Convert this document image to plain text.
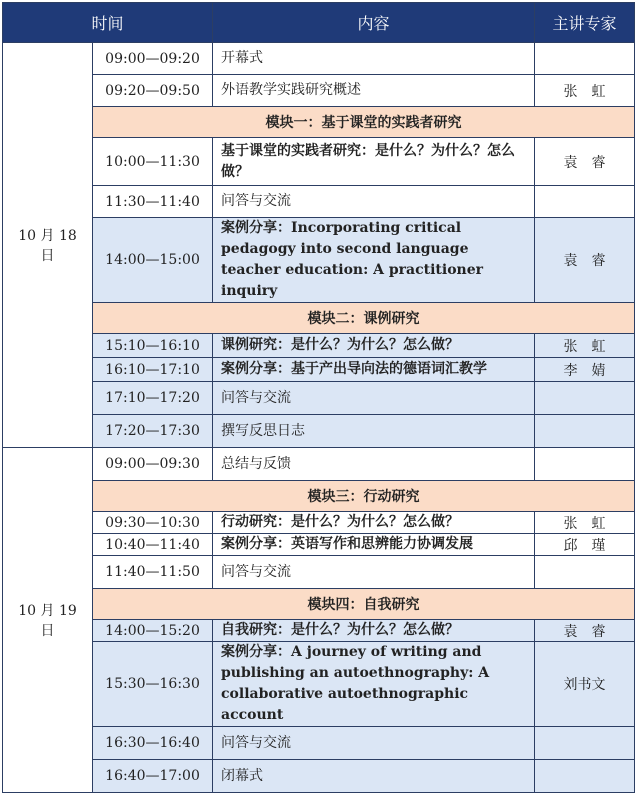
时间		内容	主讲专家
10 月 18 日	09:00—09:20	开幕式	
	09:20—09:50	外语教学实践研究概述	张　虹
	模块一：基于课堂的实践者研究		
	10:00—11:30	基于课堂的实践者研究：是什么？为什么？怎么做？	袁　睿
	11:30—11:40	问答与交流	
	14:00—15:00	案例分享：Incorporating critical pedagogy into second language teacher education: A practitioner inquiry	袁　睿
	模块二：课例研究		
	15:10—16:10	课例研究：是什么？为什么？怎么做？	张　虹
	16:10—17:10	案例分享：基于产出导向法的德语词汇教学	李　婧
	17:10—17:20	问答与交流	
	17:20—17:30	撰写反思日志	
10 月 19 日	09:00—09:30	总结与反馈	
	模块三：行动研究		
	09:30—10:30	行动研究：是什么？为什么？怎么做？	张　虹
	10:40—11:40	案例分享：英语写作和思辨能力协调发展	邱　瑾
	11:40—11:50	问答与交流	
	模块四：自我研究		
	14:00—15:20	自我研究：是什么？为什么？怎么做？	袁　睿
	15:30—16:30	案例分享：A journey of writing and publishing an autoethnography: A collaborative autoethnographic account	刘书文
	16:30—16:40	问答与交流	
	16:40—17:00	闭幕式	
